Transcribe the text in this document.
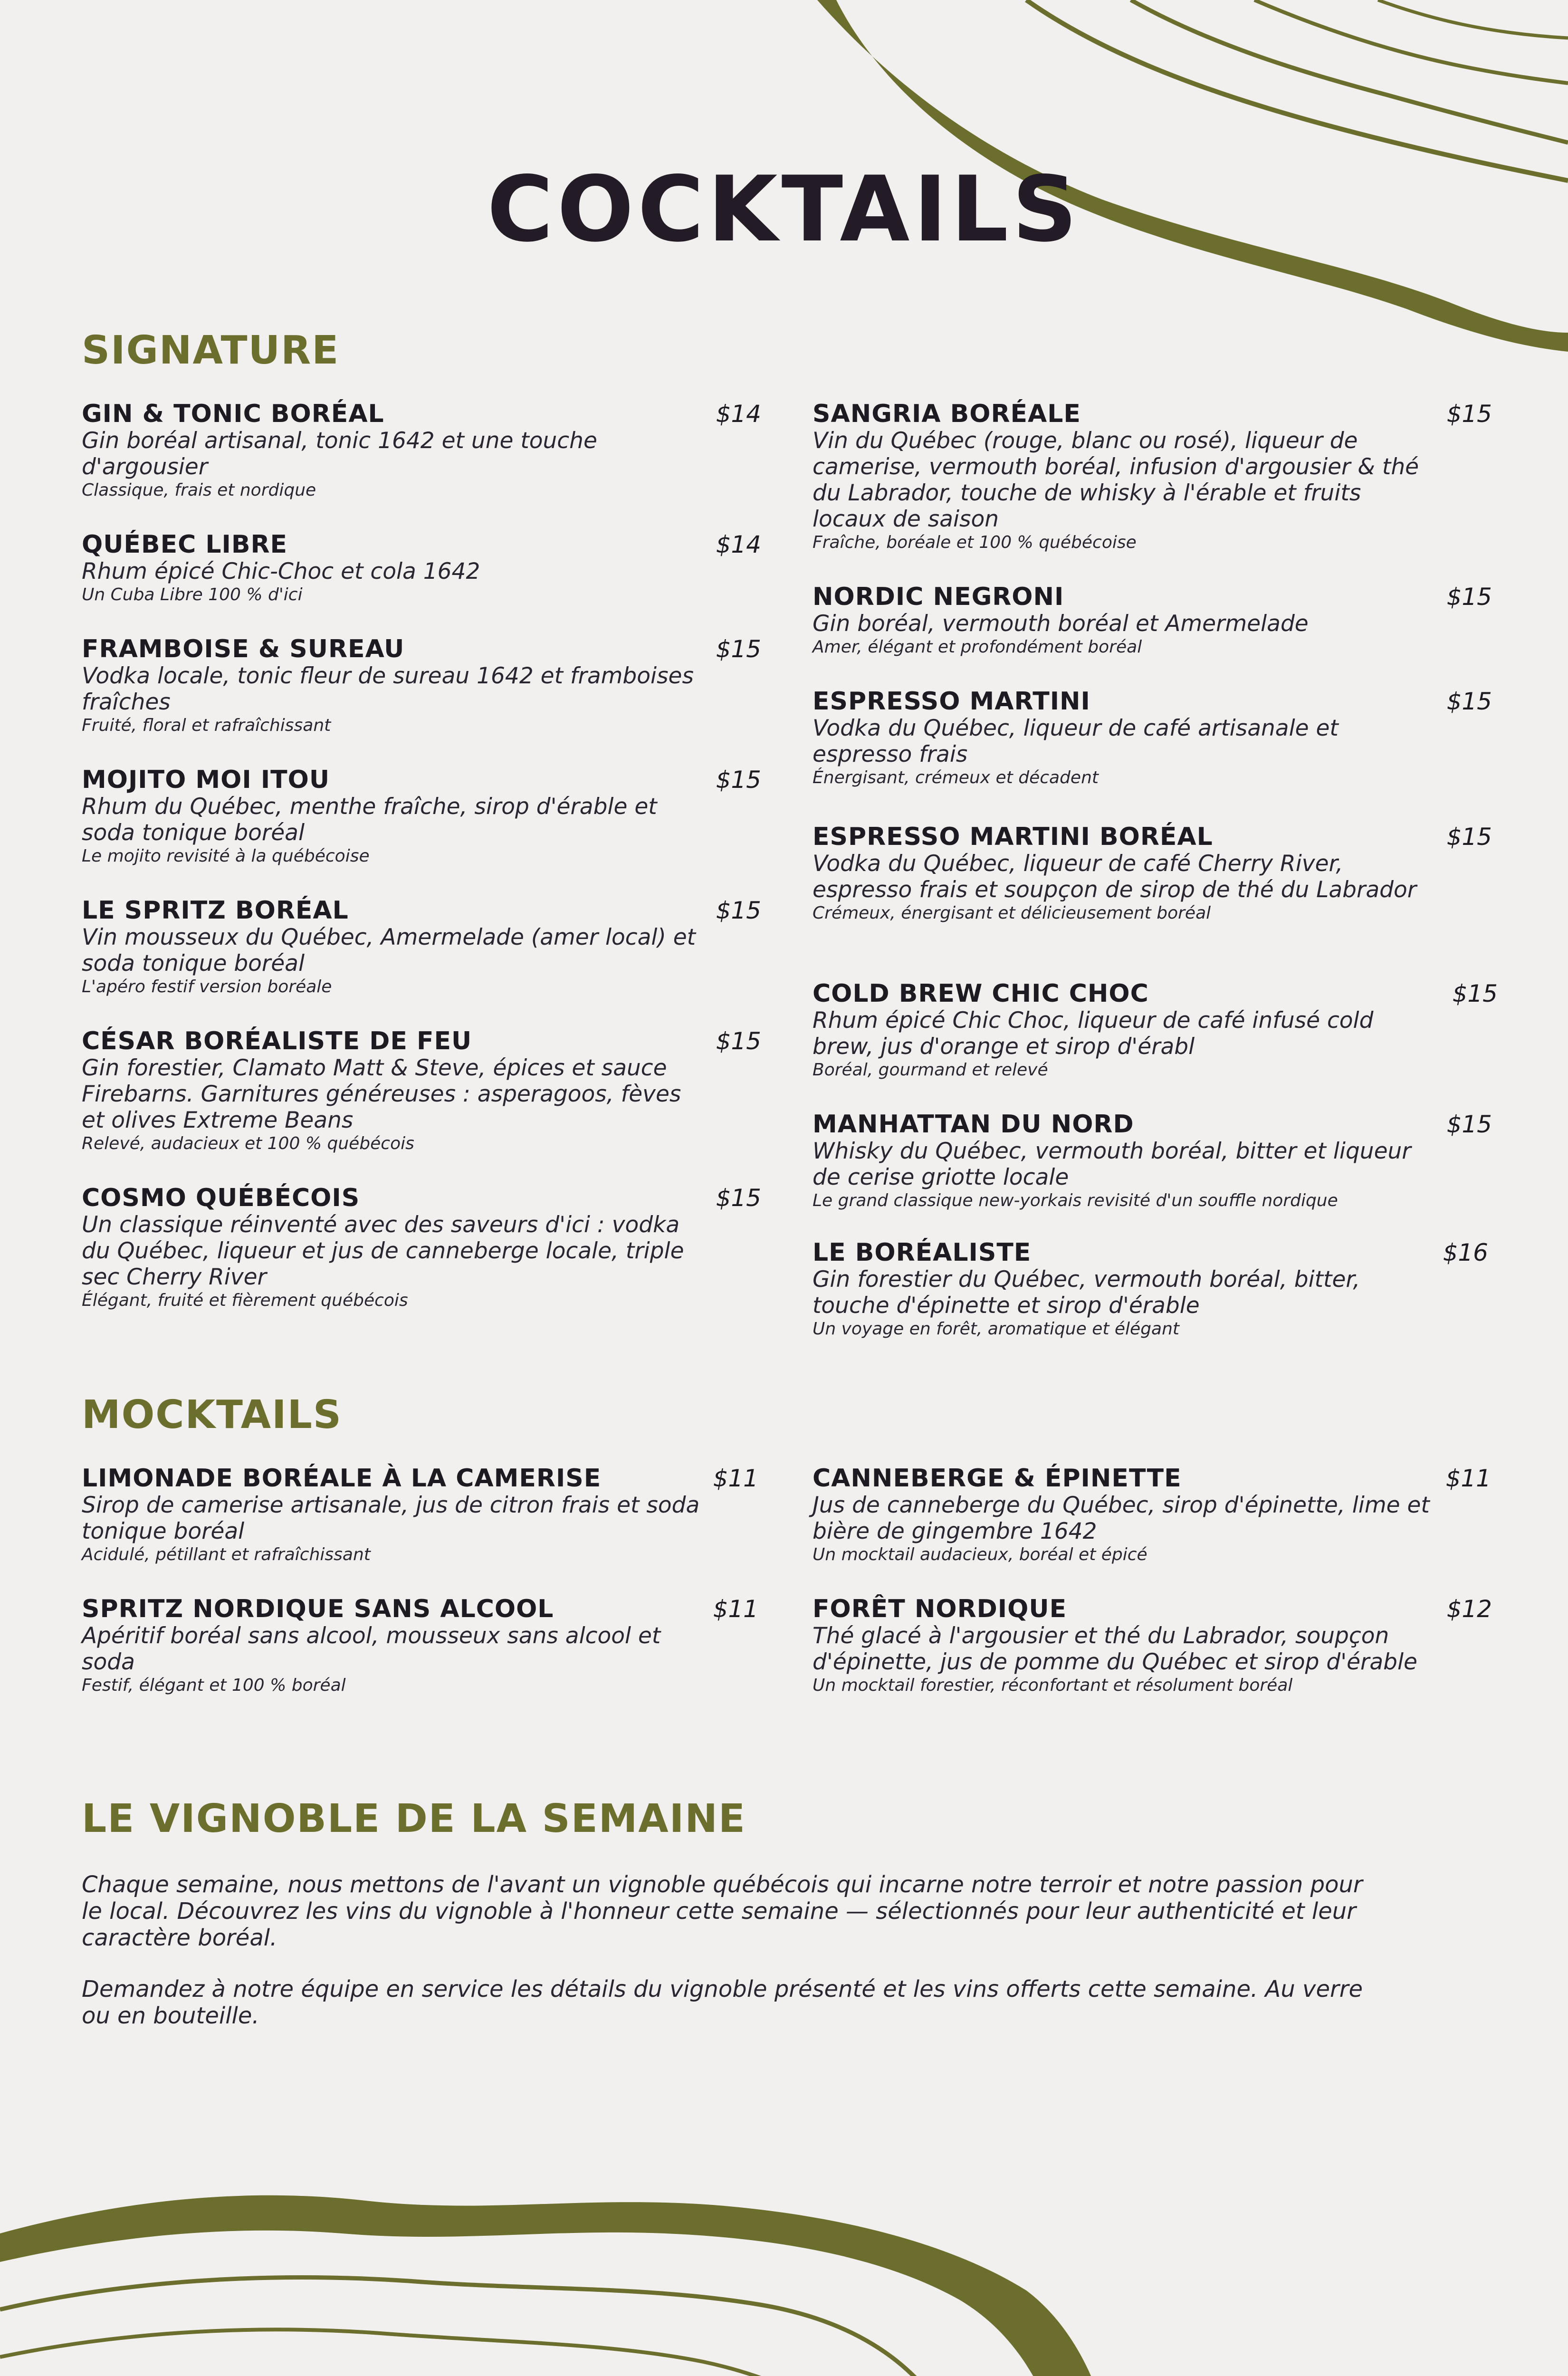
COCKTAILS
SIGNATURE
GIN & TONIC BORÉAL	$14
Gin boréal artisanal, tonic 1642 et une touche d'argousier
Classique, frais et nordique
QUÉBEC LIBRE	$14
Rhum épicé Chic-Choc et cola 1642
Un Cuba Libre 100 % d'ici
FRAMBOISE & SUREAU	$15
Vodka locale, tonic fleur de sureau 1642 et framboises fraîches
Fruité, floral et rafraîchissant
MOJITO MOI ITOU	$15
Rhum du Québec, menthe fraîche, sirop d'érable et soda tonique boréal
Le mojito revisité à la québécoise
LE SPRITZ BORÉAL	$15
Vin mousseux du Québec, Amermelade (amer local) et soda tonique boréal
L'apéro festif version boréale
CÉSAR BORÉALISTE DE FEU	$15
Gin forestier, Clamato Matt & Steve, épices et sauce Firebarns. Garnitures généreuses : asperagoos, fèves et olives Extreme Beans
Relevé, audacieux et 100 % québécois
COSMO QUÉBÉCOIS	$15
Un classique réinventé avec des saveurs d'ici : vodka du Québec, liqueur et jus de canneberge locale, triple sec Cherry River
Élégant, fruité et fièrement québécois
SANGRIA BORÉALE	$15
Vin du Québec (rouge, blanc ou rosé), liqueur de camerise, vermouth boréal, infusion d'argousier & thé du Labrador, touche de whisky à l'érable et fruits locaux de saison
Fraîche, boréale et 100 % québécoise
NORDIC NEGRONI	$15
Gin boréal, vermouth boréal et Amermelade
Amer, élégant et profondément boréal
ESPRESSO MARTINI	$15
Vodka du Québec, liqueur de café artisanale et espresso frais
Énergisant, crémeux et décadent
ESPRESSO MARTINI BORÉAL	$15
Vodka du Québec, liqueur de café Cherry River, espresso frais et soupçon de sirop de thé du Labrador
Crémeux, énergisant et délicieusement boréal
COLD BREW CHIC CHOC	$15
Rhum épicé Chic Choc, liqueur de café infusé cold brew, jus d'orange et sirop d'érabl
Boréal, gourmand et relevé
MANHATTAN DU NORD	$15
Whisky du Québec, vermouth boréal, bitter et liqueur de cerise griotte locale
Le grand classique new-yorkais revisité d'un souffle nordique
LE BORÉALISTE	$16
Gin forestier du Québec, vermouth boréal, bitter, touche d'épinette et sirop d'érable
Un voyage en forêt, aromatique et élégant
MOCKTAILS
LIMONADE BORÉALE À LA CAMERISE	$11
Sirop de camerise artisanale, jus de citron frais et soda tonique boréal
Acidulé, pétillant et rafraîchissant
SPRITZ NORDIQUE SANS ALCOOL	$11
Apéritif boréal sans alcool, mousseux sans alcool et soda
Festif, élégant et 100 % boréal
CANNEBERGE & ÉPINETTE	$11
Jus de canneberge du Québec, sirop d'épinette, lime et bière de gingembre 1642
Un mocktail audacieux, boréal et épicé
FORÊT NORDIQUE	$12
Thé glacé à l'argousier et thé du Labrador, soupçon d'épinette, jus de pomme du Québec et sirop d'érable
Un mocktail forestier, réconfortant et résolument boréal
LE VIGNOBLE DE LA SEMAINE

Chaque semaine, nous mettons de l'avant un vignoble québécois qui incarne notre terroir et notre passion pour le local. Découvrez les vins du vignoble à l'honneur cette semaine — sélectionnés pour leur authenticité et leur caractère boréal.

Demandez à notre équipe en service les détails du vignoble présenté et les vins offerts cette semaine. Au verre ou en bouteille.
